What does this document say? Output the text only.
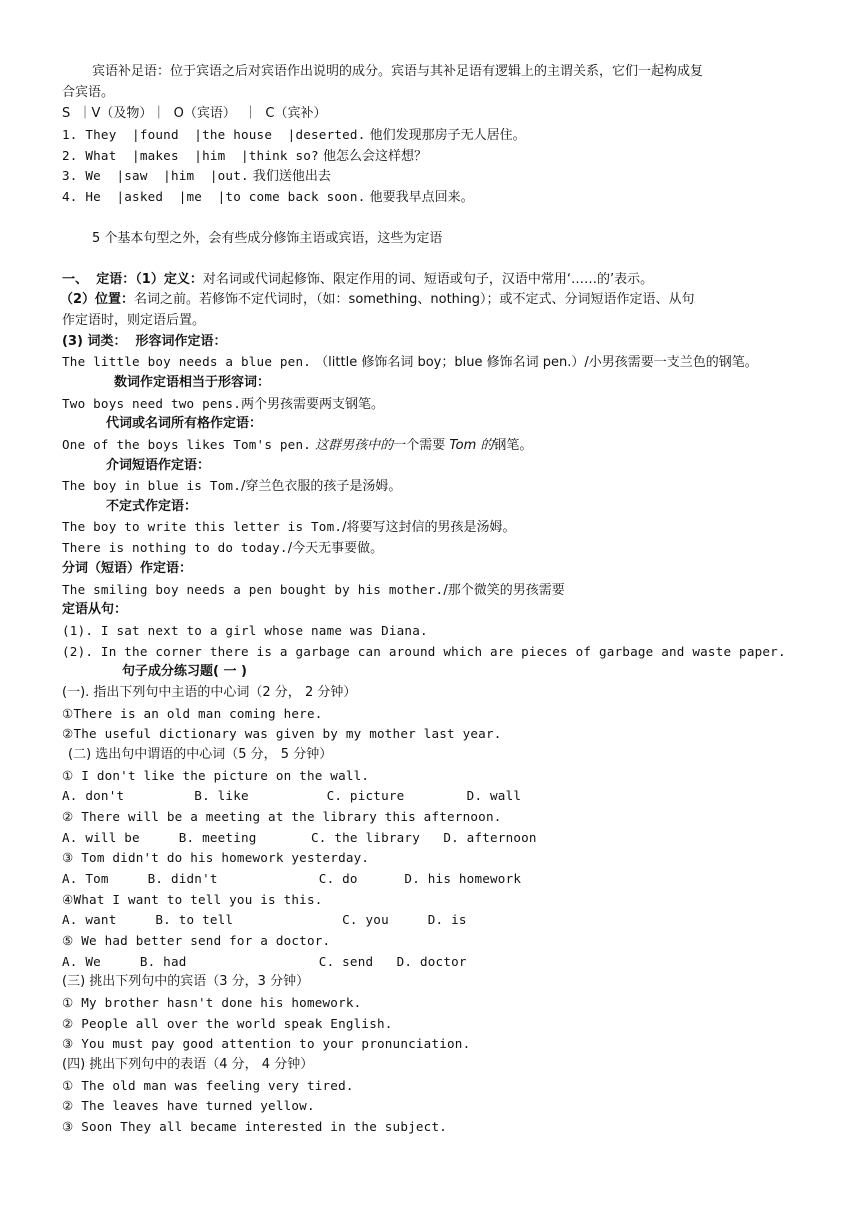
宾语补足语：位于宾语之后对宾语作出说明的成分。宾语与其补足语有逻辑上的主谓关系，它们一起构成复
合宾语。
S  ｜V（及物）｜  O（宾语）  ｜  C（宾补）
1. They  |found  |the house  |deserted. 他们发现那房子无人居住。
2. What  |makes  |him  |think so? 他怎么会这样想？
3. We  |saw  |him  |out. 我们送他出去
4. He  |asked  |me  |to come back soon. 他要我早点回来。
5 个基本句型之外，会有些成分修饰主语或宾语，这些为定语
一、 定语：（1）定义：对名词或代词起修饰、限定作用的词、短语或句子，汉语中常用‘……的’表示。
（2）位置：名词之前。若修饰不定代词时，（如：something、nothing）；或不定式、分词短语作定语、从句
作定语时，则定语后置。
(3) 词类：  形容词作定语：
The little boy needs a blue pen. （little 修饰名词 boy；blue 修饰名词 pen.）/小男孩需要一支兰色的钢笔。
数词作定语相当于形容词：
Two boys need two pens.两个男孩需要两支钢笔。
代词或名词所有格作定语：
One of the boys likes Tom's pen. 这群男孩中的一个需要 Tom 的钢笔。
介词短语作定语：
The boy in blue is Tom./穿兰色衣服的孩子是汤姆。
不定式作定语：
The boy to write this letter is Tom./将要写这封信的男孩是汤姆。
There is nothing to do today./今天无事要做。
分词（短语）作定语：
The smiling boy needs a pen bought by his mother./那个微笑的男孩需要
定语从句：
(1). I sat next to a girl whose name was Diana.
(2). In the corner there is a garbage can around which are pieces of garbage and waste paper.
句子成分练习题( 一 )
(一). 指出下列句中主语的中心词（2 分， 2 分钟）
①There is an old man coming here.
②The useful dictionary was given by my mother last year.
(二) 选出句中谓语的中心词（5 分， 5 分钟）
① I don't like the picture on the wall.
A. don't         B. like          C. picture        D. wall
② There will be a meeting at the library this afternoon.
A. will be     B. meeting       C. the library   D. afternoon
③ Tom didn't do his homework yesterday.
A. Tom     B. didn't             C. do      D. his homework
④What I want to tell you is this.
A. want     B. to tell              C. you     D. is
⑤ We had better send for a doctor.
A. We     B. had                 C. send   D. doctor
(三) 挑出下列句中的宾语（3 分，3 分钟）
① My brother hasn't done his homework.
② People all over the world speak English.
③ You must pay good attention to your pronunciation.
(四) 挑出下列句中的表语（4 分， 4 分钟）
① The old man was feeling very tired.
② The leaves have turned yellow.
③ Soon They all became interested in the subject.
